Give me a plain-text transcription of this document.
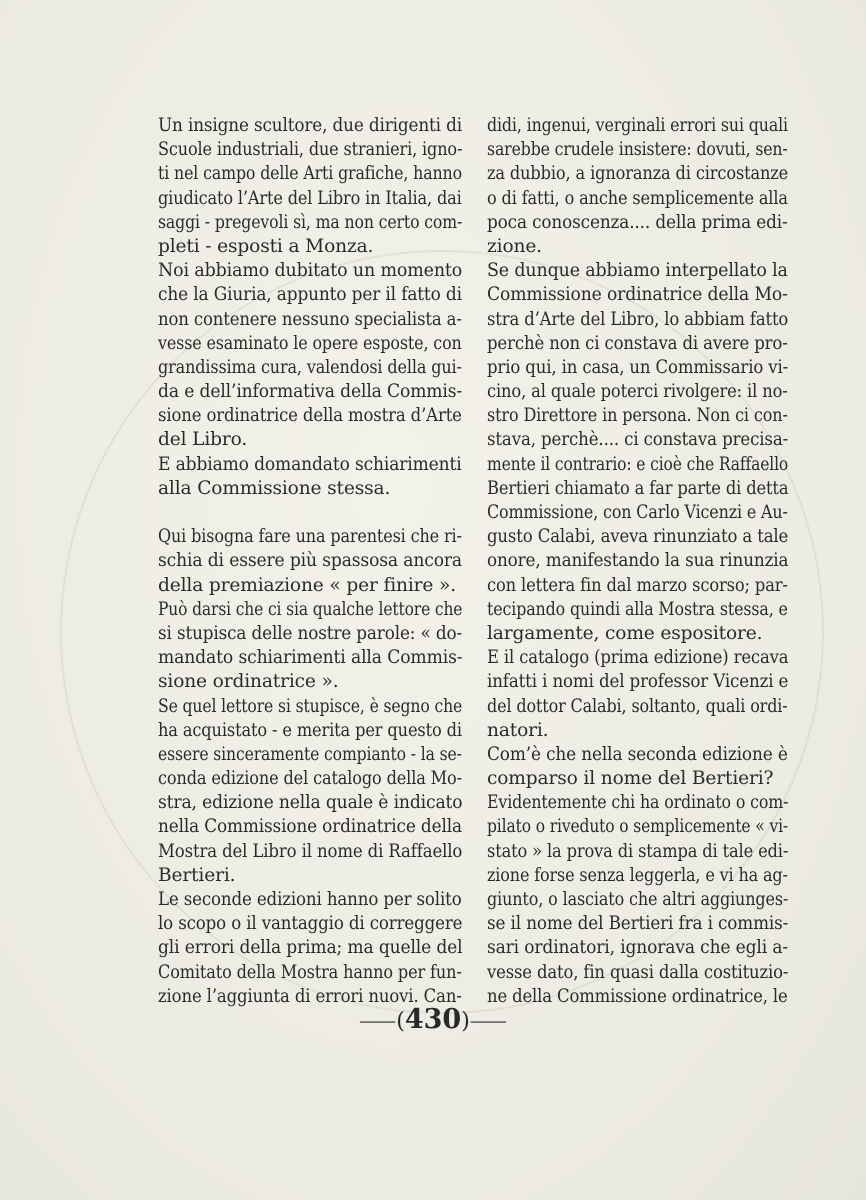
Un insigne scultore, due dirigenti di
Scuole industriali, due stranieri, igno-
ti nel campo delle Arti grafiche, hanno
giudicato l’Arte del Libro in Italia, dai
saggi - pregevoli sì, ma non certo com-
pleti - esposti a Monza.
Noi abbiamo dubitato un momento
che la Giuria, appunto per il fatto di
non contenere nessuno specialista a-
vesse esaminato le opere esposte, con
grandissima cura, valendosi della gui-
da e dell’informativa della Commis-
sione ordinatrice della mostra d’Arte
del Libro.
E abbiamo domandato schiarimenti
alla Commissione stessa.
Qui bisogna fare una parentesi che ri-
schia di essere più spassosa ancora
della premiazione « per finire ».
Può darsi che ci sia qualche lettore che
si stupisca delle nostre parole: « do-
mandato schiarimenti alla Commis-
sione ordinatrice ».
Se quel lettore si stupisce, è segno che
ha acquistato - e merita per questo di
essere sinceramente compianto - la se-
conda edizione del catalogo della Mo-
stra, edizione nella quale è indicato
nella Commissione ordinatrice della
Mostra del Libro il nome di Raffaello
Bertieri.
Le seconde edizioni hanno per solito
lo scopo o il vantaggio di correggere
gli errori della prima; ma quelle del
Comitato della Mostra hanno per fun-
zione l’aggiunta di errori nuovi. Can-
didi, ingenui, verginali errori sui quali
sarebbe crudele insistere: dovuti, sen-
za dubbio, a ignoranza di circostanze
o di fatti, o anche semplicemente alla
poca conoscenza.... della prima edi-
zione.
Se dunque abbiamo interpellato la
Commissione ordinatrice della Mo-
stra d’Arte del Libro, lo abbiam fatto
perchè non ci constava di avere pro-
prio qui, in casa, un Commissario vi-
cino, al quale poterci rivolgere: il no-
stro Direttore in persona. Non ci con-
stava, perchè.... ci constava precisa-
mente il contrario: e cioè che Raffaello
Bertieri chiamato a far parte di detta
Commissione, con Carlo Vicenzi e Au-
gusto Calabi, aveva rinunziato a tale
onore, manifestando la sua rinunzia
con lettera fin dal marzo scorso; par-
tecipando quindi alla Mostra stessa, e
largamente, come espositore.
E il catalogo (prima edizione) recava
infatti i nomi del professor Vicenzi e
del dottor Calabi, soltanto, quali ordi-
natori.
Com’è che nella seconda edizione è
comparso il nome del Bertieri?
Evidentemente chi ha ordinato o com-
pilato o riveduto o semplicemente « vi-
stato » la prova di stampa di tale edi-
zione forse senza leggerla, e vi ha ag-
giunto, o lasciato che altri aggiunges-
se il nome del Bertieri fra i commis-
sari ordinatori, ignorava che egli a-
vesse dato, fin quasi dalla costituzio-
ne della Commissione ordinatrice, le
⸺(430)⸺
